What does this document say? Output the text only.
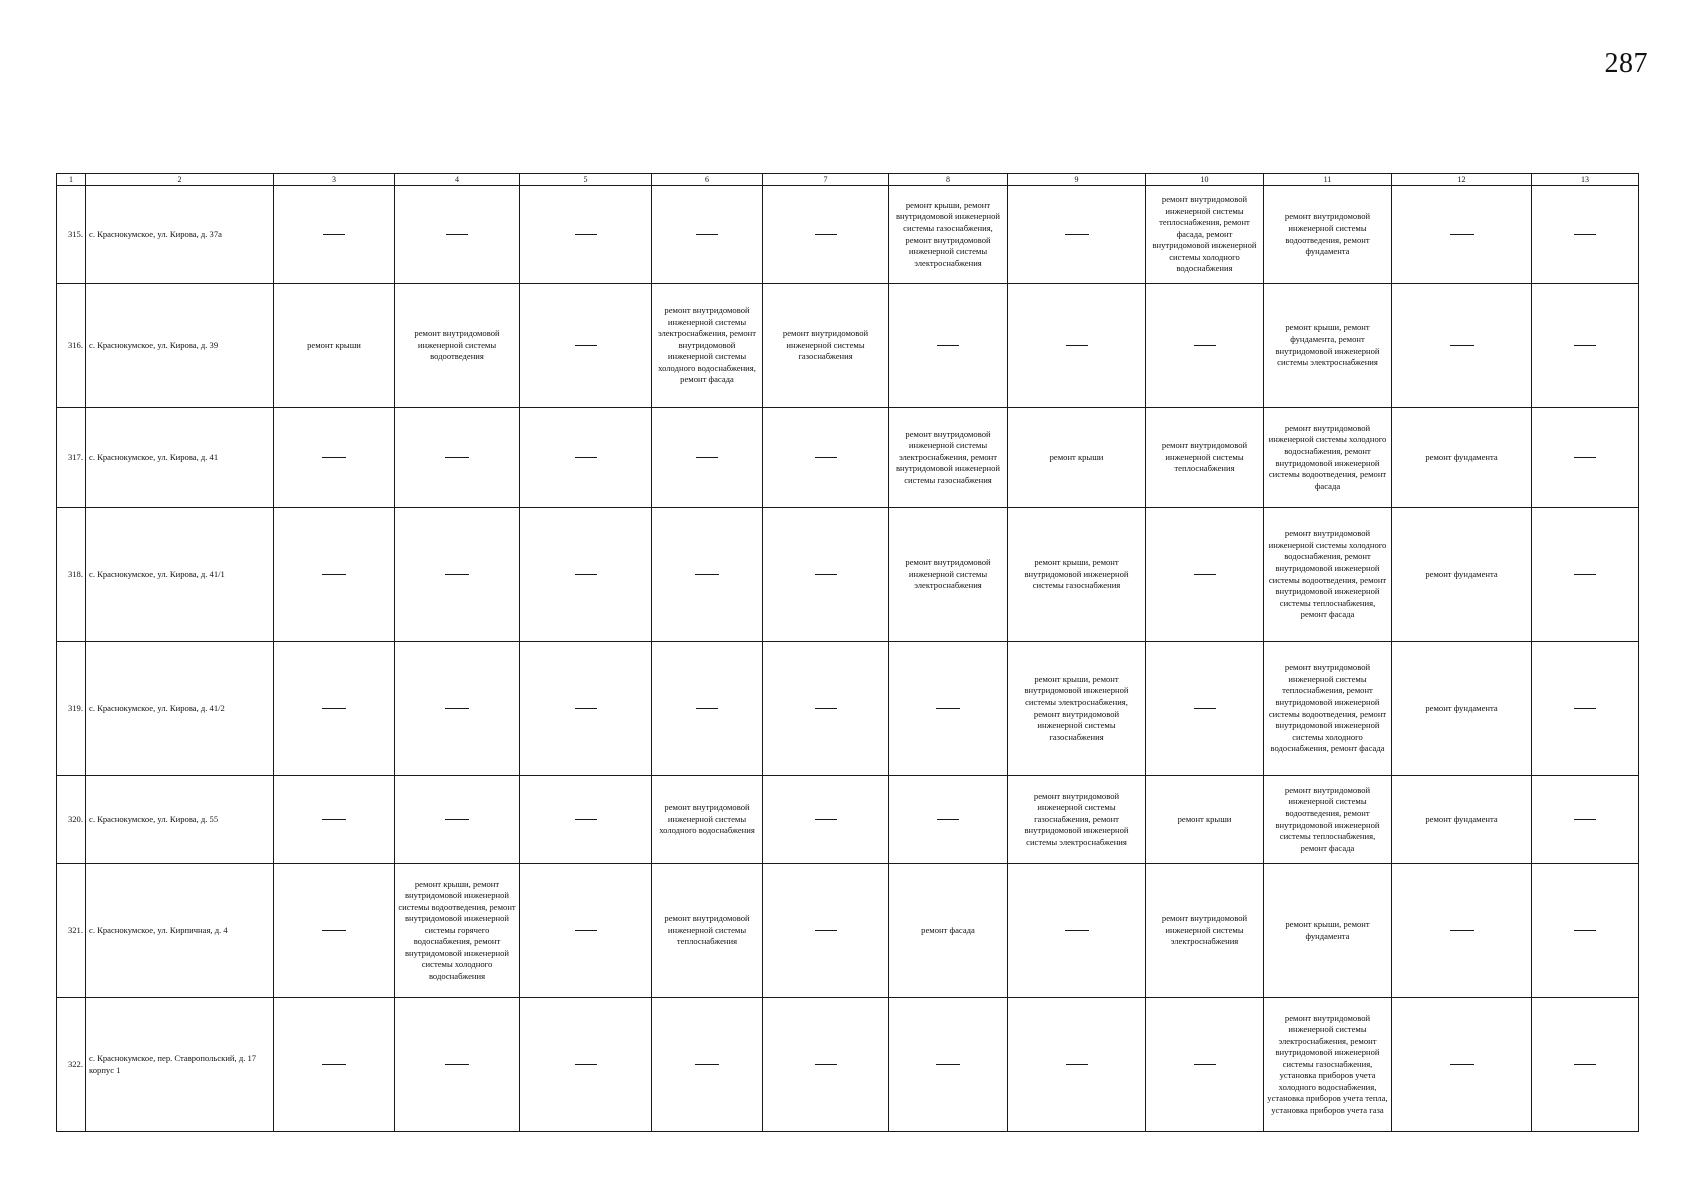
287
1	2	3	4	5	6	7	8	9	10	11	12	13
315.	с. Краснокумское, ул. Кирова, д. 37а						ремонт крыши, ремонт внутридомовой инженерной системы газоснабжения, ремонт внутридомовой инженерной системы электроснабжения		ремонт внутридомовой инженерной системы теплоснабжения, ремонт фасада, ремонт внутридомовой инженерной системы холодного водоснабжения	ремонт внутридомовой инженерной системы водоотведения, ремонт фундамента		
316.	с. Краснокумское, ул. Кирова, д. 39	ремонт крыши	ремонт внутридомовой инженерной системы водоотведения		ремонт внутридомовой инженерной системы электроснабжения, ремонт внутридомовой инженерной системы холодного водоснабжения, ремонт фасада	ремонт внутридомовой инженерной системы газоснабжения				ремонт крыши, ремонт фундамента, ремонт внутридомовой инженерной системы электроснабжения		
317.	с. Краснокумское, ул. Кирова, д. 41						ремонт внутридомовой инженерной системы электроснабжения, ремонт внутридомовой инженерной системы газоснабжения	ремонт крыши	ремонт внутридомовой инженерной системы теплоснабжения	ремонт внутридомовой инженерной системы холодного водоснабжения, ремонт внутридомовой инженерной системы водоотведения, ремонт фасада	ремонт фундамента	
318.	с. Краснокумское, ул. Кирова, д. 41/1						ремонт внутридомовой инженерной системы электроснабжения	ремонт крыши, ремонт внутридомовой инженерной системы газоснабжения		ремонт внутридомовой инженерной системы холодного водоснабжения, ремонт внутридомовой инженерной системы водоотведения, ремонт внутридомовой инженерной системы теплоснабжения, ремонт фасада	ремонт фундамента	
319.	с. Краснокумское, ул. Кирова, д. 41/2							ремонт крыши, ремонт внутридомовой инженерной системы электроснабжения, ремонт внутридомовой инженерной системы газоснабжения		ремонт внутридомовой инженерной системы теплоснабжения, ремонт внутридомовой инженерной системы водоотведения, ремонт внутридомовой инженерной системы холодного водоснабжения, ремонт фасада	ремонт фундамента	
320.	с. Краснокумское, ул. Кирова, д. 55				ремонт внутридомовой инженерной системы холодного водоснабжения			ремонт внутридомовой инженерной системы газоснабжения, ремонт внутридомовой инженерной системы электроснабжения	ремонт крыши	ремонт внутридомовой инженерной системы водоотведения, ремонт внутридомовой инженерной системы теплоснабжения, ремонт фасада	ремонт фундамента	
321.	с. Краснокумское, ул. Кирпичная, д. 4		ремонт крыши, ремонт внутридомовой инженерной системы водоотведения, ремонт внутридомовой инженерной системы горячего водоснабжения, ремонт внутридомовой инженерной системы холодного водоснабжения		ремонт внутридомовой инженерной системы теплоснабжения		ремонт фасада		ремонт внутридомовой инженерной системы электроснабжения	ремонт крыши, ремонт фундамента		
322.	с. Краснокумское, пер. Ставропольский, д. 17 корпус 1									ремонт внутридомовой инженерной системы электроснабжения, ремонт внутридомовой инженерной системы газоснабжения, установка приборов учета холодного водоснабжения, установка приборов учета тепла, установка приборов учета газа		
